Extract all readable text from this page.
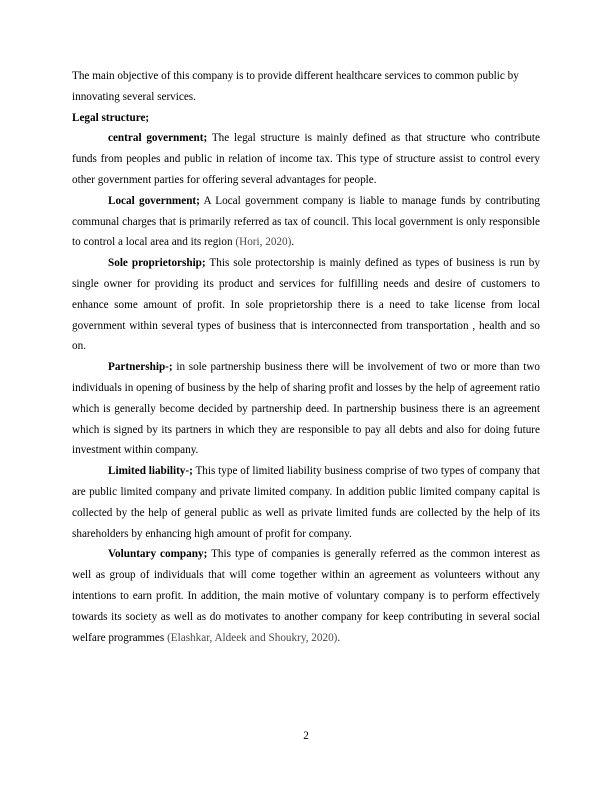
The main objective of this company is to provide different healthcare services to common public by innovating several services.

Legal structure;

central government; The legal structure is mainly defined as that structure who contribute funds from peoples and public in relation of income tax. This type of structure assist to control every other government parties for offering several advantages for people.

Local government; A Local government company is liable to manage funds by contributing communal charges that is primarily referred as tax of council. This local government is only responsible to control a local area and its region (Hori, 2020).

Sole proprietorship; This sole protectorship is mainly defined as types of business is run by single owner for providing its product and services for fulfilling needs and desire of customers to enhance some amount of profit. In sole proprietorship there is a need to take license from local government within several types of business that is interconnected from transportation , health and so on.

Partnership-; in sole partnership business there will be involvement of two or more than two individuals in opening of business by the help of sharing profit and losses by the help of agreement ratio which is generally become decided by partnership deed. In partnership business there is an agreement which is signed by its partners in which they are responsible to pay all debts and also for doing future investment within company.

Limited liability-; This type of limited liability business comprise of two types of company that are public limited company and private limited company. In addition public limited company capital is collected by the help of general public as well as private limited funds are collected by the help of its shareholders by enhancing high amount of profit for company.

Voluntary company; This type of companies is generally referred as the common interest as well as group of individuals that will come together within an agreement as volunteers without any intentions to earn profit. In addition, the main motive of voluntary company is to perform effectively towards its society as well as do motivates to another company for keep contributing in several social welfare programmes (Elashkar, Aldeek and Shoukry, 2020).

2
